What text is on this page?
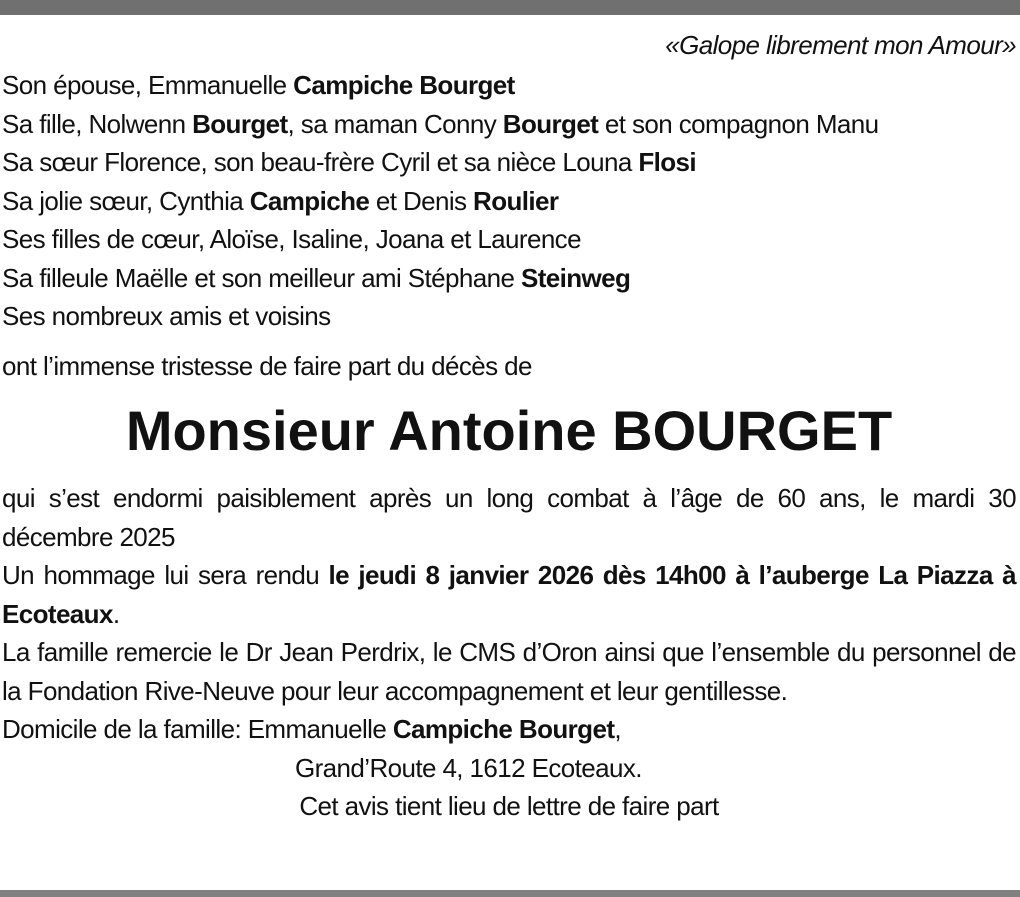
«Galope librement mon Amour»

Son épouse, Emmanuelle Campiche Bourget

Sa fille, Nolwenn Bourget, sa maman Conny Bourget et son compagnon Manu

Sa sœur Florence, son beau-frère Cyril et sa nièce Louna Flosi

Sa jolie sœur, Cynthia Campiche et Denis Roulier

Ses filles de cœur, Aloïse, Isaline, Joana et Laurence

Sa filleule Maëlle et son meilleur ami Stéphane Steinweg

Ses nombreux amis et voisins

ont l’immense tristesse de faire part du décès de

Monsieur Antoine BOURGET

qui s’est endormi paisiblement après un long combat à l’âge de 60 ans, le mardi 30 décembre 2025

Un hommage lui sera rendu le jeudi 8 janvier 2026 dès 14h00 à l’auberge La Piazza à Ecoteaux.

La famille remercie le Dr Jean Perdrix, le CMS d’Oron ainsi que l’ensemble du personnel de la Fondation Rive-Neuve pour leur accompagnement et leur gentillesse.

Domicile de la famille: Emmanuelle Campiche Bourget,

Grand’Route 4, 1612 Ecoteaux.

Cet avis tient lieu de lettre de faire part
